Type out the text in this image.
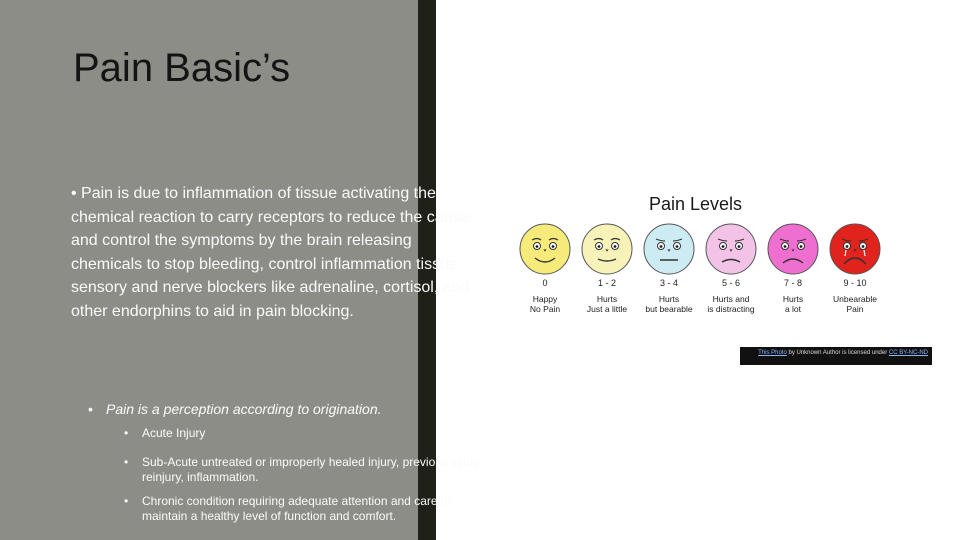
Pain Basic’s

• Pain is due to inflammation of tissue activating the chemical reaction to carry receptors to reduce the cause and control the symptoms by the brain releasing chemicals to stop bleeding, control inflammation tissue sensory and nerve blockers like adrenaline, cortisol, and other endorphins to aid in pain blocking.

• Pain is a perception according to origination.
• Acute Injury
• Sub-Acute untreated or improperly healed injury, previous injury, reinjury, inflammation.
• Chronic condition requiring adequate attention and care to maintain a healthy level of function and comfort.
Pain Levels
0
Happy
No Pain
1 - 2
Hurts
Just a little
3 - 4
Hurts
but bearable
5 - 6
Hurts and
is distracting
7 - 8
Hurts
a lot
9 - 10
Unbearable
Pain
This Photo by Unknown Author is licensed under CC BY-NC-ND
